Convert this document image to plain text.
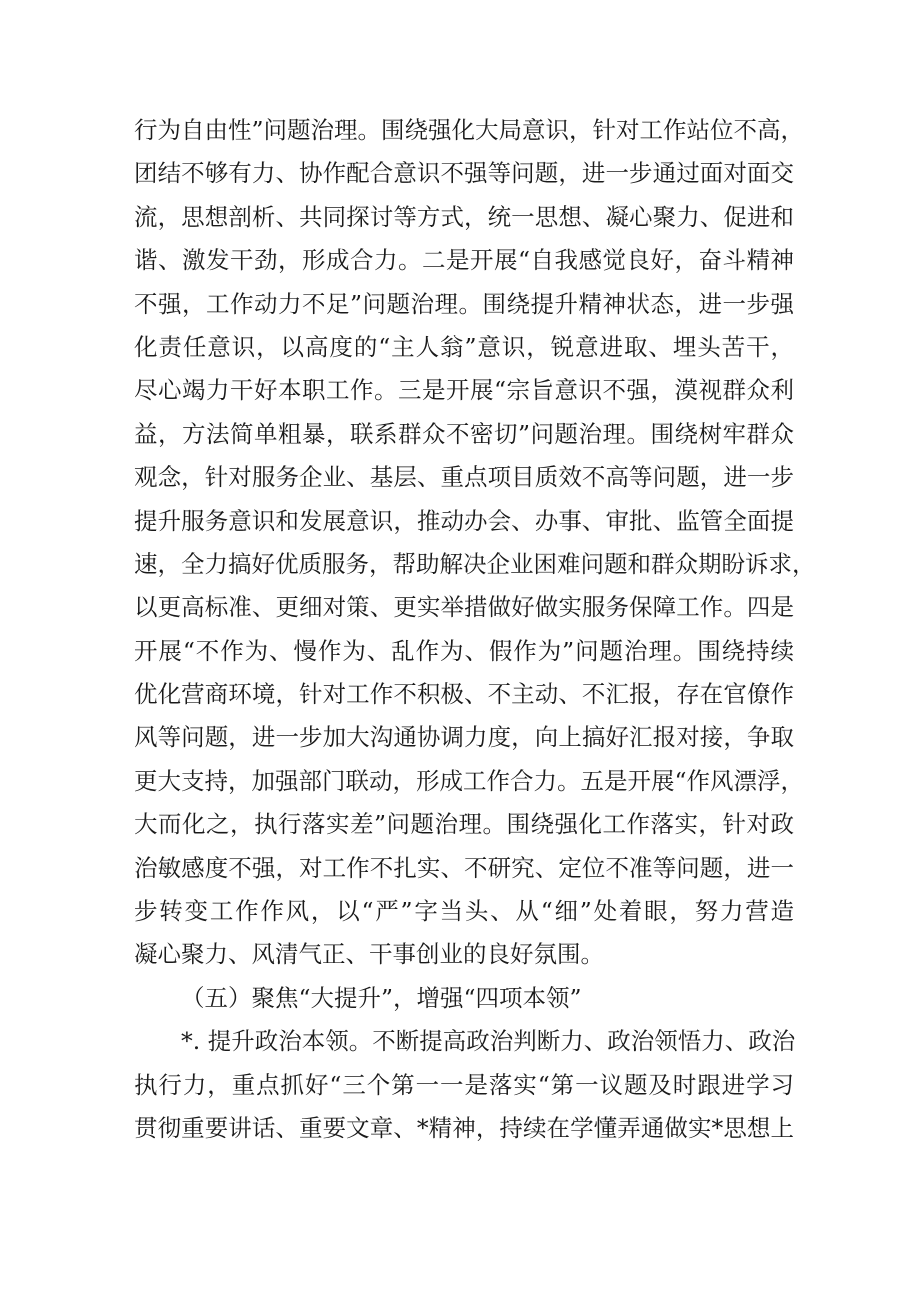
行为自由性”问题治理。围绕强化大局意识，针对工作站位不高，
团结不够有力、协作配合意识不强等问题，进一步通过面对面交
流，思想剖析、共同探讨等方式，统一思想、凝心聚力、促进和
谐、激发干劲，形成合力。二是开展“自我感觉良好，奋斗精神
不强，工作动力不足”问题治理。围绕提升精神状态，进一步强
化责任意识，以高度的“主人翁”意识，锐意进取、埋头苦干，
尽心竭力干好本职工作。三是开展“宗旨意识不强，漠视群众利
益，方法简单粗暴，联系群众不密切”问题治理。围绕树牢群众
观念，针对服务企业、基层、重点项目质效不高等问题，进一步
提升服务意识和发展意识，推动办会、办事、审批、监管全面提
速，全力搞好优质服务，帮助解决企业困难问题和群众期盼诉求，
以更高标准、更细对策、更实举措做好做实服务保障工作。四是
开展“不作为、慢作为、乱作为、假作为”问题治理。围绕持续
优化营商环境，针对工作不积极、不主动、不汇报，存在官僚作
风等问题，进一步加大沟通协调力度，向上搞好汇报对接，争取
更大支持，加强部门联动，形成工作合力。五是开展“作风漂浮，
大而化之，执行落实差”问题治理。围绕强化工作落实，针对政
治敏感度不强，对工作不扎实、不研究、定位不准等问题，进一
步转变工作作风，以“严”字当头、从“细”处着眼，努力营造
凝心聚力、风清气正、干事创业的良好氛围。
（五）聚焦“大提升”，增强“四项本领”
*. 提升政治本领。不断提高政治判断力、政治领悟力、政治
执行力，重点抓好“三个第一一是落实“第一议题及时跟进学习
贯彻重要讲话、重要文章、*精神，持续在学懂弄通做实*思想上
